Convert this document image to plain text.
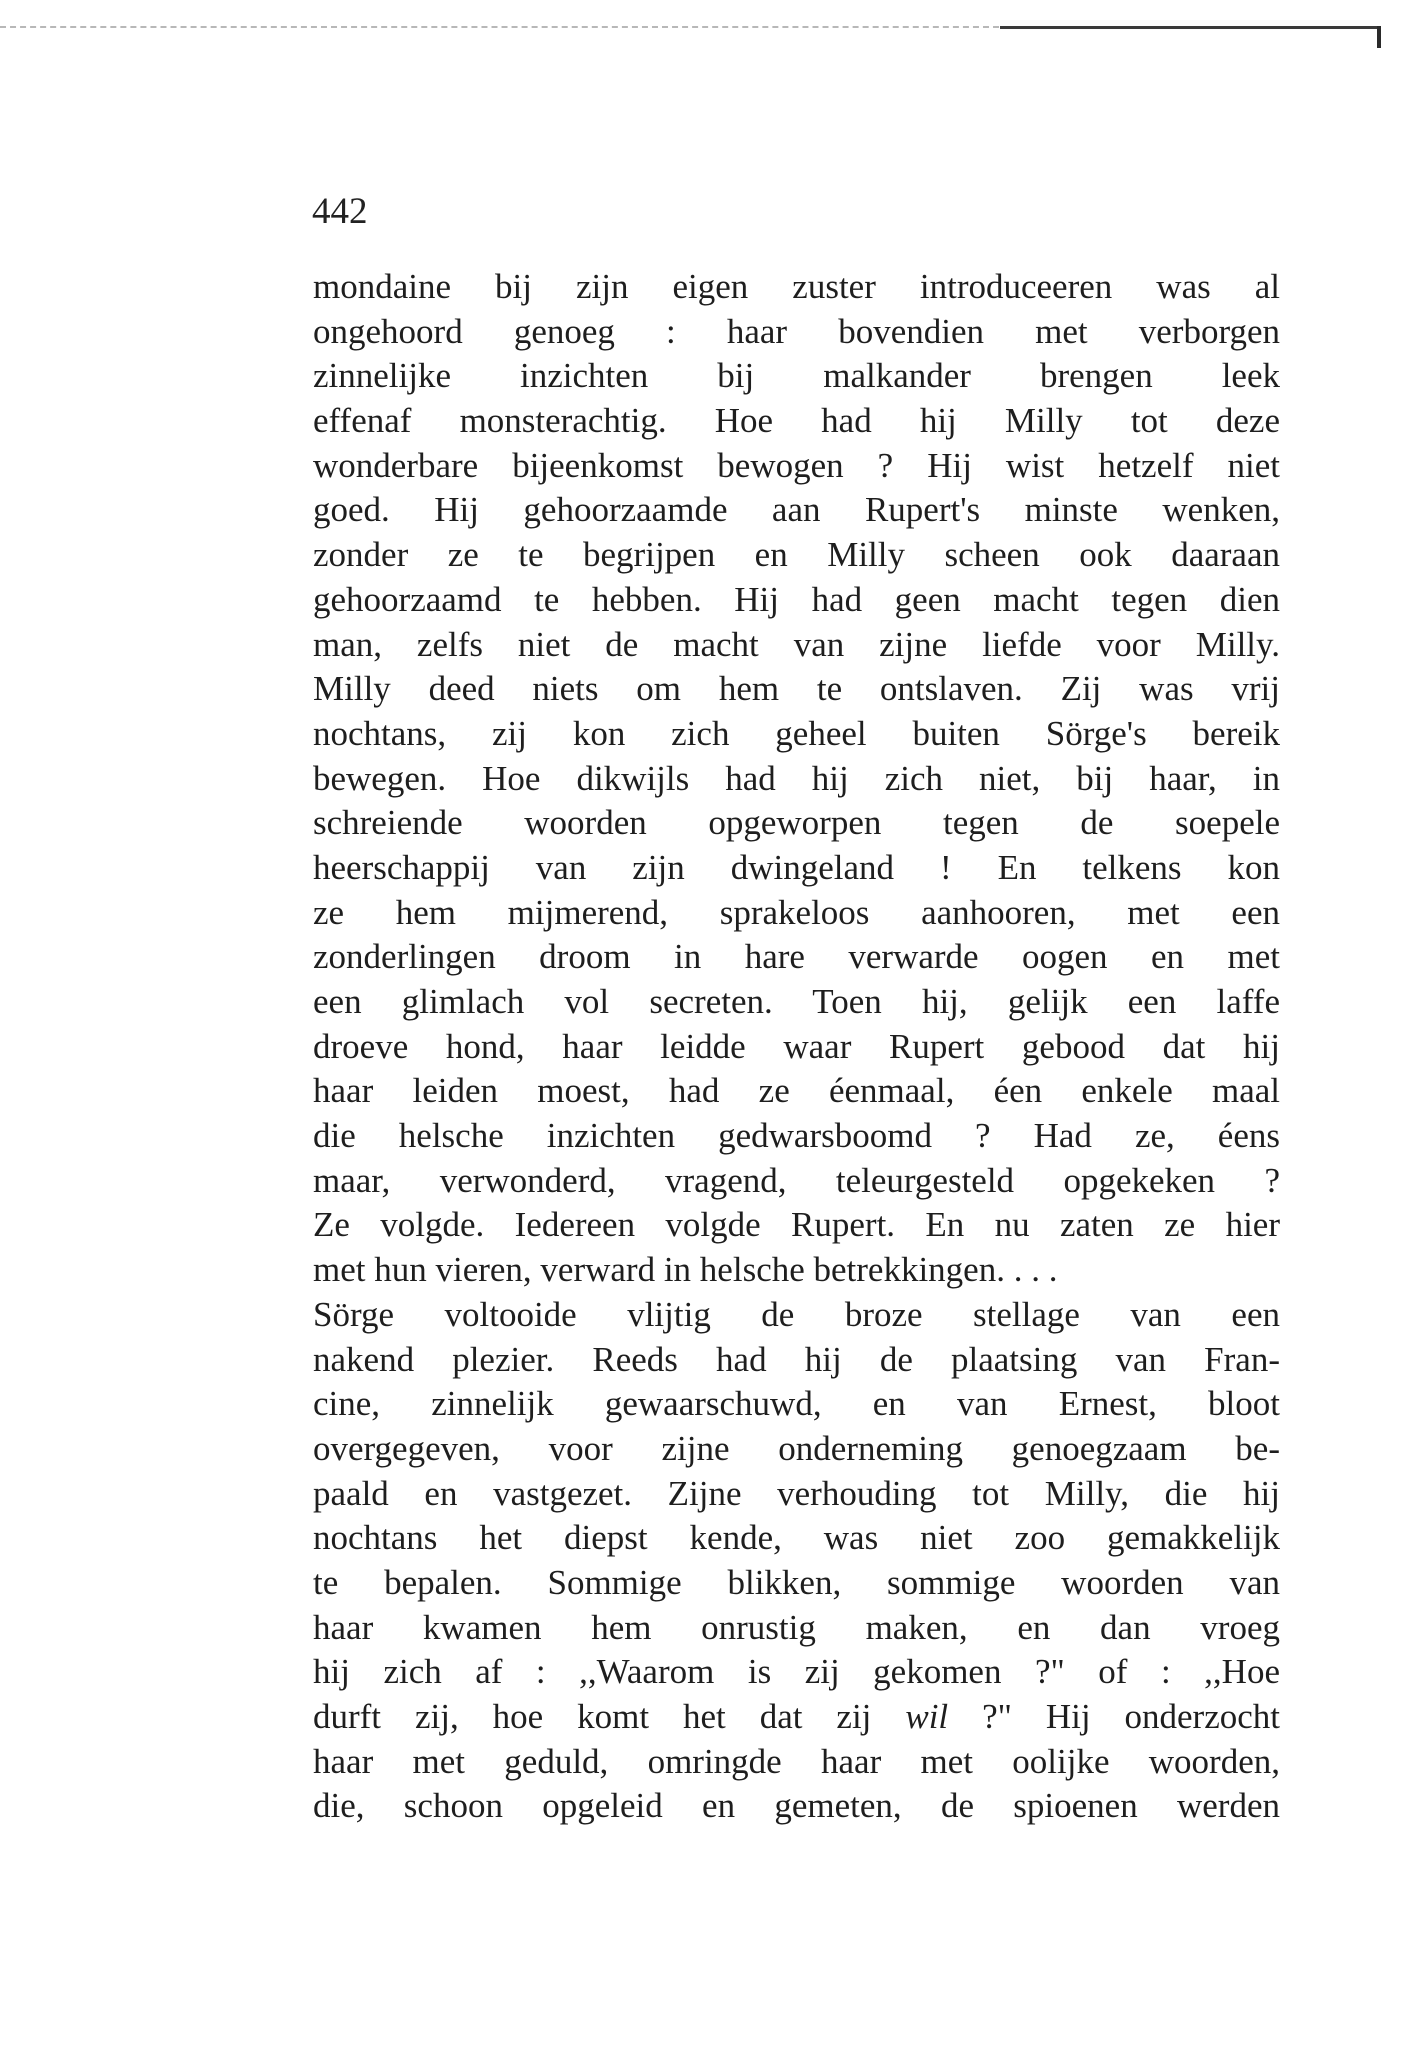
442
mondaine bij zijn eigen zuster introduceeren was al
ongehoord genoeg : haar bovendien met verborgen
zinnelijke inzichten bij malkander brengen leek
effenaf monsterachtig. Hoe had hij Milly tot deze
wonderbare bijeenkomst bewogen ? Hij wist hetzelf niet
goed. Hij gehoorzaamde aan Rupert's minste wenken,
zonder ze te begrijpen en Milly scheen ook daaraan
gehoorzaamd te hebben. Hij had geen macht tegen dien
man, zelfs niet de macht van zijne liefde voor Milly.
Milly deed niets om hem te ontslaven. Zij was vrij
nochtans, zij kon zich geheel buiten Sörge's bereik
bewegen. Hoe dikwijls had hij zich niet, bij haar, in
schreiende woorden opgeworpen tegen de soepele
heerschappij van zijn dwingeland ! En telkens kon
ze hem mijmerend, sprakeloos aanhooren, met een
zonderlingen droom in hare verwarde oogen en met
een glimlach vol secreten. Toen hij, gelijk een laffe
droeve hond, haar leidde waar Rupert gebood dat hij
haar leiden moest, had ze éenmaal, éen enkele maal
die helsche inzichten gedwarsboomd ? Had ze, éens
maar, verwonderd, vragend, teleurgesteld opgekeken ?
Ze volgde. Iedereen volgde Rupert. En nu zaten ze hier
met hun vieren, verward in helsche betrekkingen. . . .
Sörge voltooide vlijtig de broze stellage van een
nakend plezier. Reeds had hij de plaatsing van Fran-
cine, zinnelijk gewaarschuwd, en van Ernest, bloot
overgegeven, voor zijne onderneming genoegzaam be-
paald en vastgezet. Zijne verhouding tot Milly, die hij
nochtans het diepst kende, was niet zoo gemakkelijk
te bepalen. Sommige blikken, sommige woorden van
haar kwamen hem onrustig maken, en dan vroeg
hij zich af : ,,Waarom is zij gekomen ?" of : ,,Hoe
durft zij, hoe komt het dat zij wil ?" Hij onderzocht
haar met geduld, omringde haar met oolijke woorden,
die, schoon opgeleid en gemeten, de spioenen werden
